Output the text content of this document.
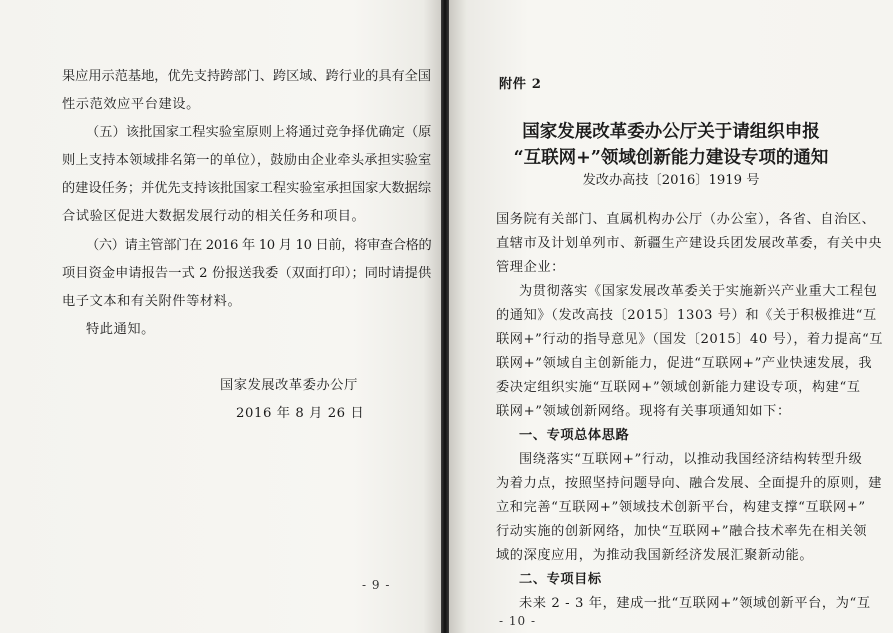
果应用示范基地，优先支持跨部门、跨区域、跨行业的具有全国
性示范效应平台建设。
（五）该批国家工程实验室原则上将通过竞争择优确定（原
则上支持本领域排名第一的单位），鼓励由企业牵头承担实验室
的建设任务；并优先支持该批国家工程实验室承担国家大数据综
合试验区促进大数据发展行动的相关任务和项目。
（六）请主管部门在 2016 年 10 月 10 日前，将审查合格的
项目资金申请报告一式 2 份报送我委（双面打印）；同时请提供
电子文本和有关附件等材料。
特此通知。
国家发展改革委办公厅
2016 年 8 月 26 日
- 9 -
附件 2
国家发展改革委办公厅关于请组织申报
“互联网+”领域创新能力建设专项的通知
发改办高技〔2016〕1919 号
国务院有关部门、直属机构办公厅（办公室），各省、自治区、
直辖市及计划单列市、新疆生产建设兵团发展改革委，有关中央
管理企业：
为贯彻落实《国家发展改革委关于实施新兴产业重大工程包
的通知》（发改高技〔2015〕1303 号）和《关于积极推进“互
联网+”行动的指导意见》（国发〔2015〕40 号），着力提高“互
联网+”领域自主创新能力，促进“互联网+”产业快速发展，我
委决定组织实施“互联网+”领域创新能力建设专项，构建“互
联网+”领域创新网络。现将有关事项通知如下：
一、专项总体思路
围绕落实“互联网+”行动，以推动我国经济结构转型升级
为着力点，按照坚持问题导向、融合发展、全面提升的原则，建
立和完善“互联网+”领域技术创新平台，构建支撑“互联网+”
行动实施的创新网络，加快“互联网+”融合技术率先在相关领
域的深度应用，为推动我国新经济发展汇聚新动能。
二、专项目标
未来 2 - 3 年，建成一批“互联网+”领域创新平台，为“互
- 10 -
